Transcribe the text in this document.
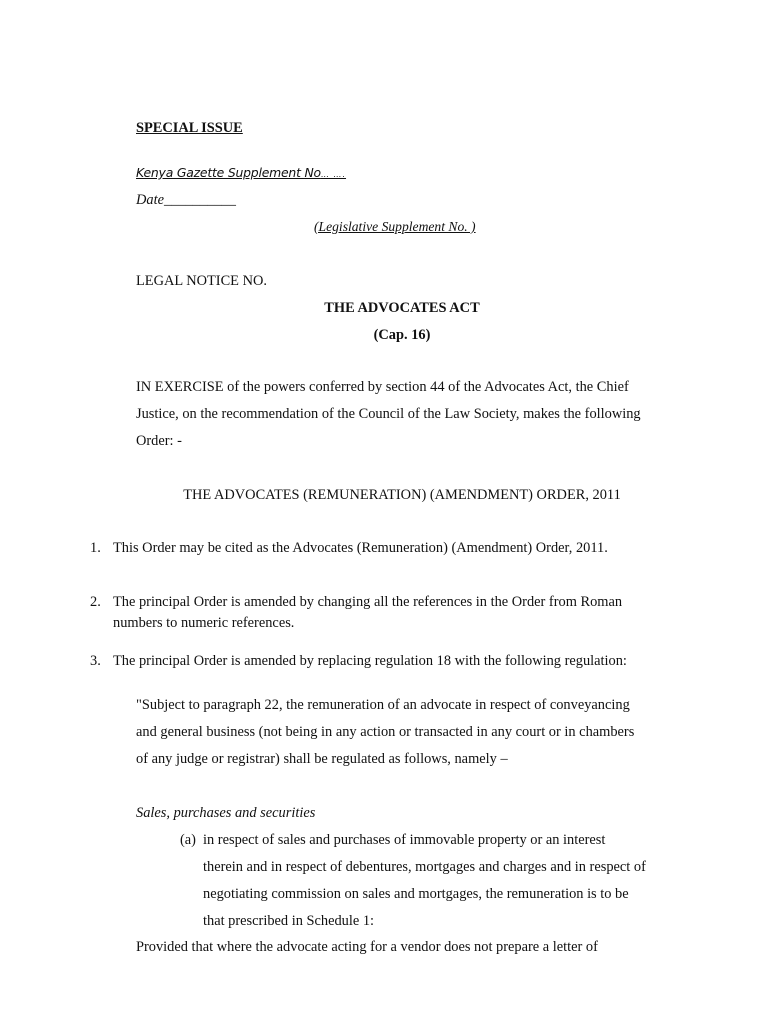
SPECIAL ISSUE
Kenya Gazette Supplement No… ….
Date__________
(Legislative Supplement No. )
LEGAL NOTICE NO.
THE ADVOCATES ACT
(Cap. 16)
IN EXERCISE of the powers conferred by section 44 of the Advocates Act, the Chief
Justice, on the recommendation of the Council of the Law Society, makes the following
Order: -
THE ADVOCATES (REMUNERATION) (AMENDMENT) ORDER, 2011
1. This Order may be cited as the Advocates (Remuneration) (Amendment) Order, 2011.
2. The principal Order is amended by changing all the references in the Order from Roman
numbers to numeric references.
3. The principal Order is amended by replacing regulation 18 with the following regulation:
"Subject to paragraph 22, the remuneration of an advocate in respect of conveyancing
and general business (not being in any action or transacted in any court or in chambers
of any judge or registrar) shall be regulated as follows, namely –
Sales, purchases and securities
(a) in respect of sales and purchases of immovable property or an interest
therein and in respect of debentures, mortgages and charges and in respect of
negotiating commission on sales and mortgages, the remuneration is to be
that prescribed in Schedule 1:
Provided that where the advocate acting for a vendor does not prepare a letter of
